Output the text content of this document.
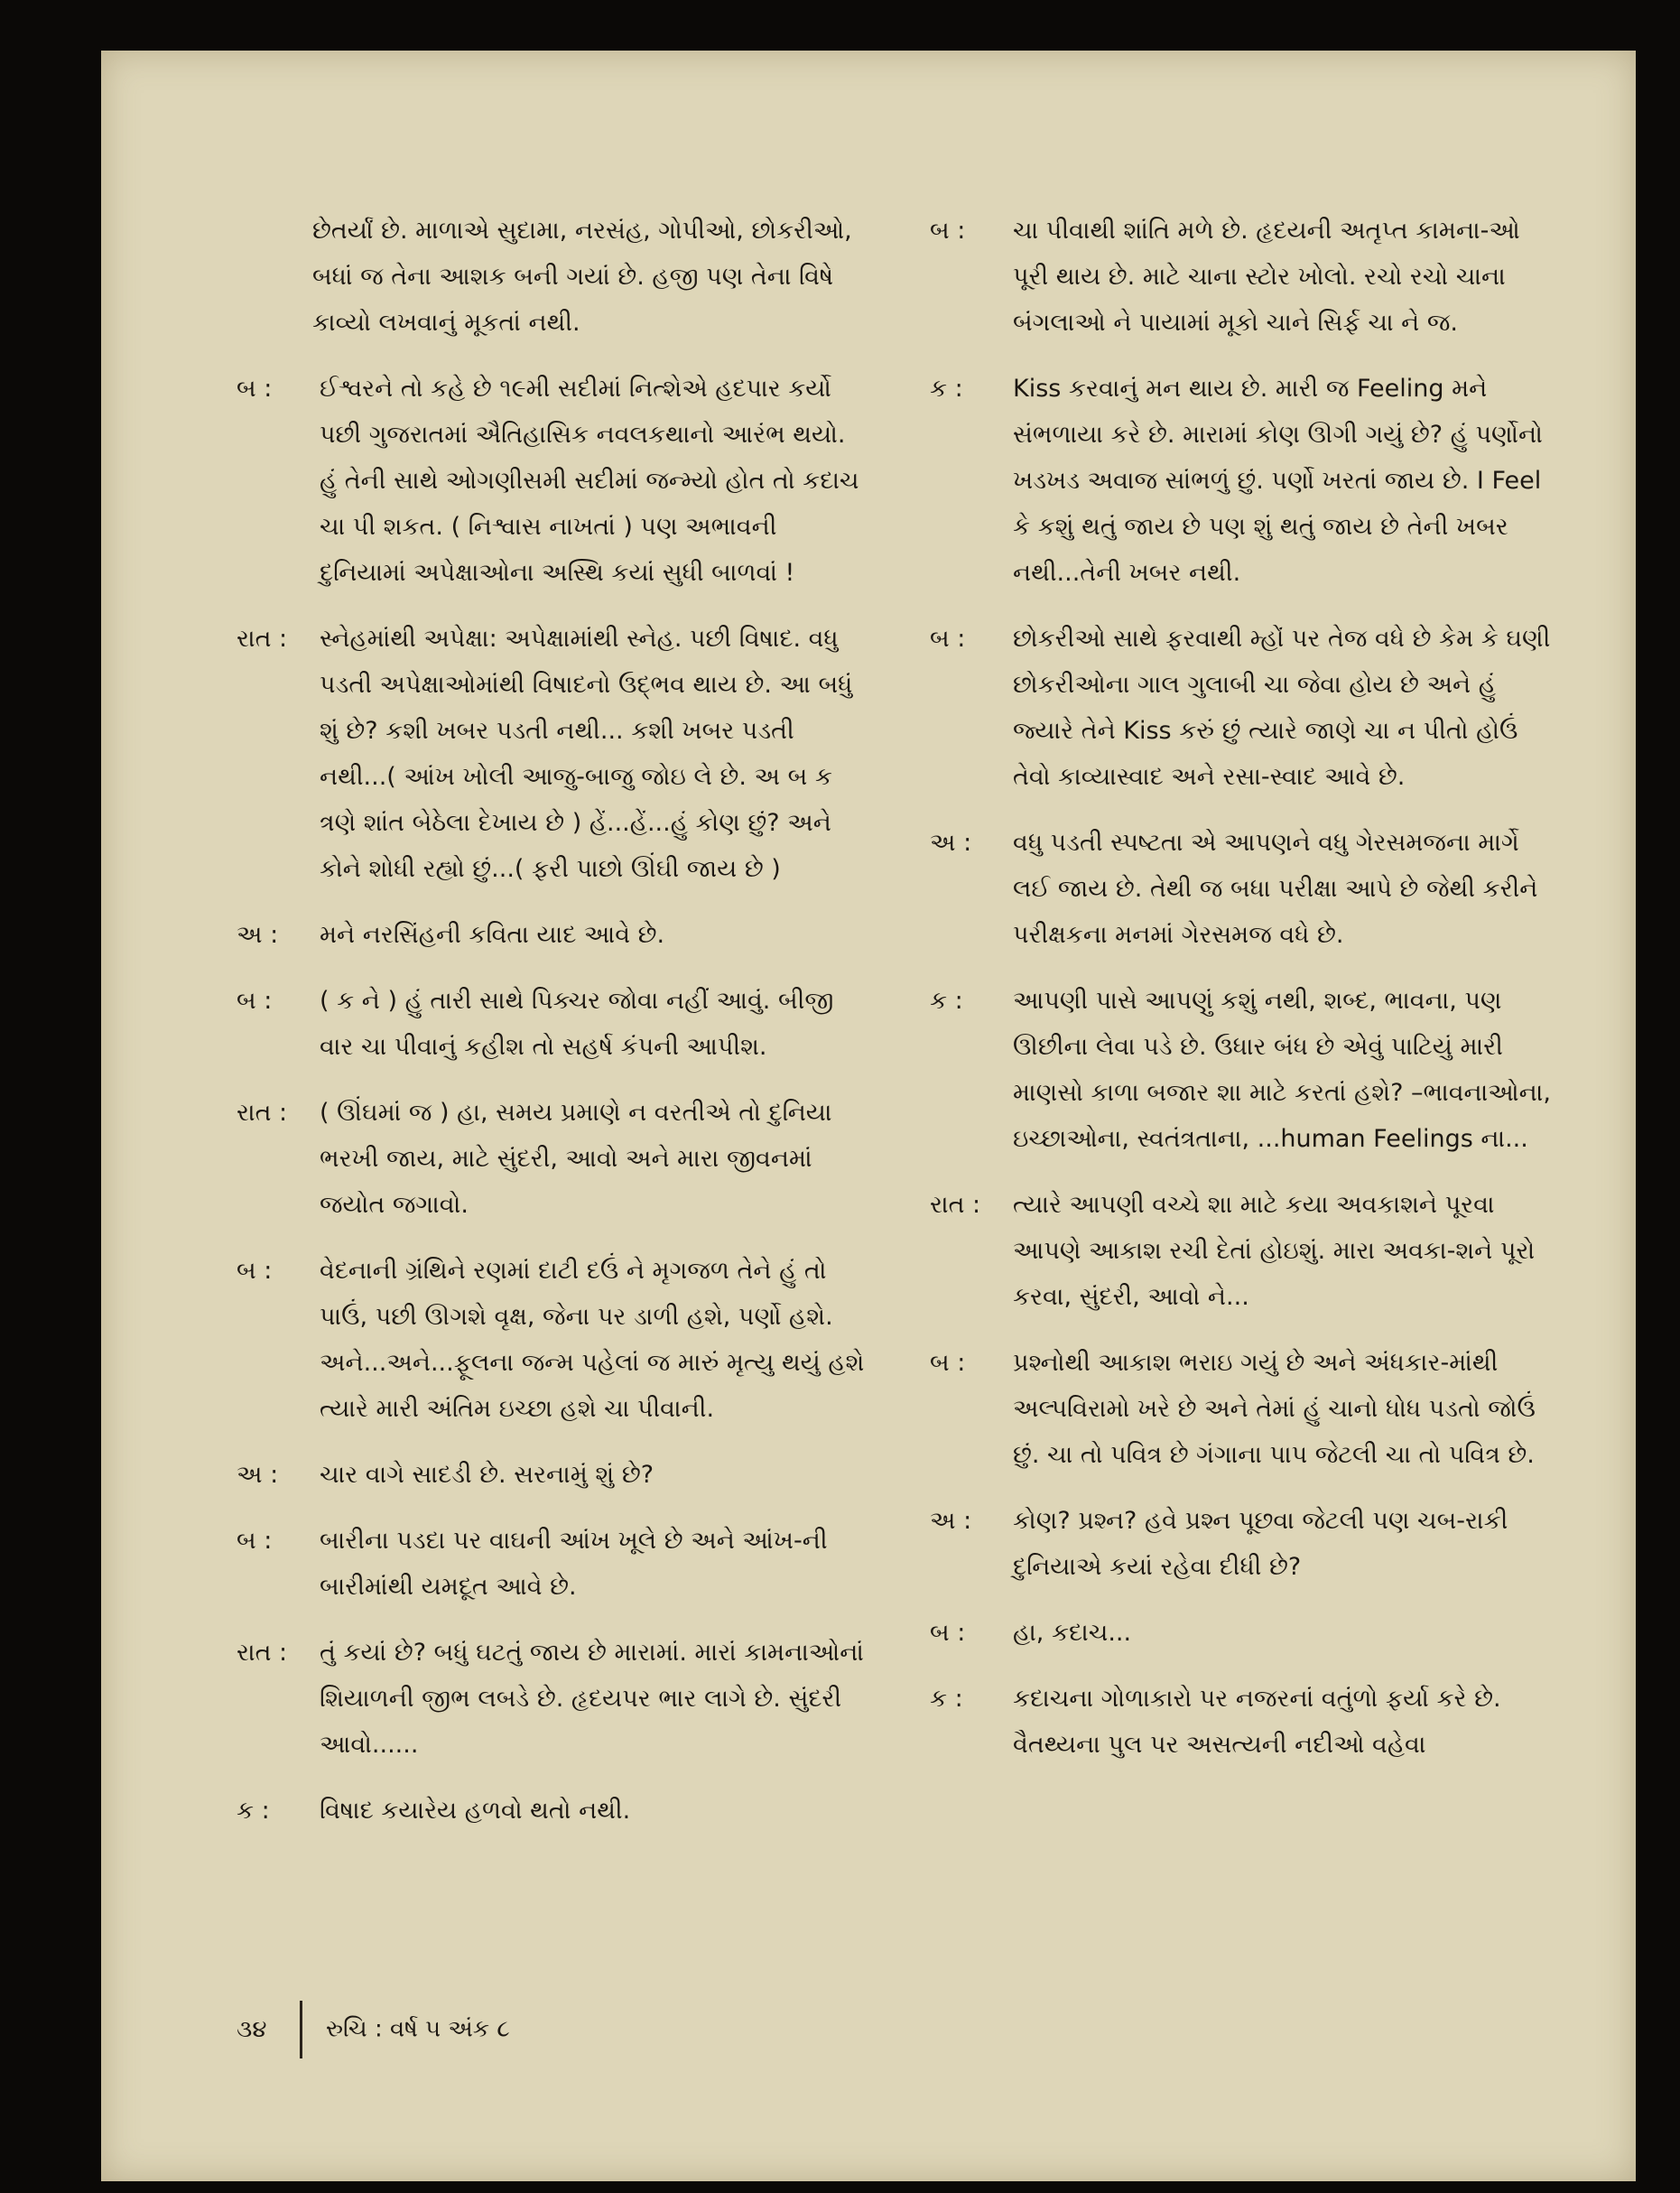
છેતર્યાં છે. માળાએ સુદામા, નરસંહ, ગોપીઓ, છોકરીઓ, બધાં જ તેના આશક બની ગયાં છે. હજી પણ તેના વિષે કાવ્યો લખવાનું મૂકતાં નથી.
બ :	ઈશ્વરને તો કહે છે ૧૯મી સદીમાં નિત્શેએ હદપાર કર્યો પછી ગુજરાતમાં ઐતિહાસિક નવલકથાનો આરંભ થયો. હું તેની સાથે ઓગણીસમી સદીમાં જન્મ્યો હોત તો કદાચ ચા પી શકત. ( નિશ્વાસ નાખતાં ) પણ અભાવની દુનિયામાં અપેક્ષાઓના અસ્થિ કયાં સુધી બાળવાં !
રાત :	સ્નેહમાંથી અપેક્ષા: અપેક્ષામાંથી સ્નેહ. પછી વિષાદ. વધુ પડતી અપેક્ષાઓમાંથી વિષાદનો ઉદ્ભવ થાય છે. આ બધું શું છે? કશી ખબર પડતી નથી... કશી ખબર પડતી નથી...( આંખ ખોલી આજુ-બાજુ જોઇ લે છે. અ બ ક ત્રણે શાંત બેઠેલા દેખાય છે ) હેં...હેં...હું કોણ છું? અને કોને શોધી રહ્યો છું...( ફરી પાછો ઊંઘી જાય છે )
અ :	મને નરસિંહની કવિતા યાદ આવે છે.
બ :	( ક ને ) હું તારી સાથે પિક્ચર જોવા નહીં આવું. બીજી વાર ચા પીવાનું કહીશ તો સહર્ષ કંપની આપીશ.
રાત :	( ઊંઘમાં જ ) હા, સમય પ્રમાણે ન વરતીએ તો દુનિયા ભરખી જાય, માટે સુંદરી, આવો અને મારા જીવનમાં જયોત જગાવો.
બ :	વેદનાની ગ્રંથિને રણમાં દાટી દઉં ને મૃગજળ તેને હું તો પાઉં, પછી ઊગશે વૃક્ષ, જેના પર ડાળી હશે, પર્ણો હશે. અને...અને...ફૂલના જન્મ પહેલાં જ મારું મૃત્યુ થયું હશે ત્યારે મારી અંતિમ ઇચ્છા હશે ચા પીવાની.
અ :	ચાર વાગે સાદડી છે. સરનામું શું છે?
બ :	બારીના પડદા પર વાઘની આંખ ખૂલે છે અને આંખ-ની બારીમાંથી યમદૂત આવે છે.
રાત :	તું કયાં છે? બધું ઘટતું જાય છે મારામાં. મારાં કામનાઓનાં શિયાળની જીભ લબડે છે. હૃદયપર ભાર લાગે છે. સુંદરી આવો......
ક :	વિષાદ કયારેય હળવો થતો નથી.
બ :	ચા પીવાથી શાંતિ મળે છે. હૃદયની અતૃપ્ત કામના-ઓ પૂરી થાય છે. માટે ચાના સ્ટોર ખોલો. રચો રચો ચાના બંગલાઓ ને પાયામાં મૂકો ચાને સિર્ફ ચા ને જ.
ક :	Kiss કરવાનું મન થાય છે. મારી જ Feeling મને સંભળાયા કરે છે. મારામાં કોણ ઊગી ગયું છે? હું પર્ણોનો ખડખડ અવાજ સાંભળું છું. પર્ણો ખરતાં જાય છે. I Feel કે કશું થતું જાય છે પણ શું થતું જાય છે તેની ખબર નથી...તેની ખબર નથી.
બ :	છોકરીઓ સાથે ફરવાથી મ્હોં પર તેજ વધે છે કેમ કે ઘણી છોકરીઓના ગાલ ગુલાબી ચા જેવા હોય છે અને હું જ્યારે તેને Kiss કરું છું ત્યારે જાણે ચા ન પીતો હોઉં તેવો કાવ્યાસ્વાદ અને રસા-સ્વાદ આવે છે.
અ :	વધુ પડતી સ્પષ્ટતા એ આપણને વધુ ગેરસમજના માર્ગે લઈ જાય છે. તેથી જ બધા પરીક્ષા આપે છે જેથી કરીને પરીક્ષકના મનમાં ગેરસમજ વધે છે.
ક :	આપણી પાસે આપણું કશું નથી, શબ્દ, ભાવના, પણ ઊછીના લેવા પડે છે. ઉધાર બંધ છે એવું પાટિયું મારી માણસો કાળા બજાર શા માટે કરતાં હશે? –ભાવનાઓના, ઇચ્છાઓના, સ્વતંત્રતાના, ...human Feelings ના...
રાત :	ત્યારે આપણી વચ્ચે શા માટે કયા અવકાશને પૂરવા આપણે આકાશ રચી દેતાં હોઇશું. મારા અવકા-શને પૂરો કરવા, સુંદરી, આવો ને...
બ :	પ્રશ્નોથી આકાશ ભરાઇ ગયું છે અને અંધકાર-માંથી અલ્પવિરામો ખરે છે અને તેમાં હું ચાનો ધોધ પડતો જોઉં છું. ચા તો પવિત્ર છે ગંગાના પાપ જેટલી ચા તો પવિત્ર છે.
અ :	કોણ? પ્રશ્ન? હવે પ્રશ્ન પૂછવા જેટલી પણ ચબ-રાકી દુનિયાએ કયાં રહેવા દીધી છે?
બ :	હા, કદાચ...
ક :	કદાચના ગોળાકારો પર નજરનાં વતુંળો ફર્યા કરે છે. વૈતથ્યના પુલ પર અસત્યની નદીઓ વહેવા
૩૪	રુચિ : વર્ષ ૫ અંક ૮
